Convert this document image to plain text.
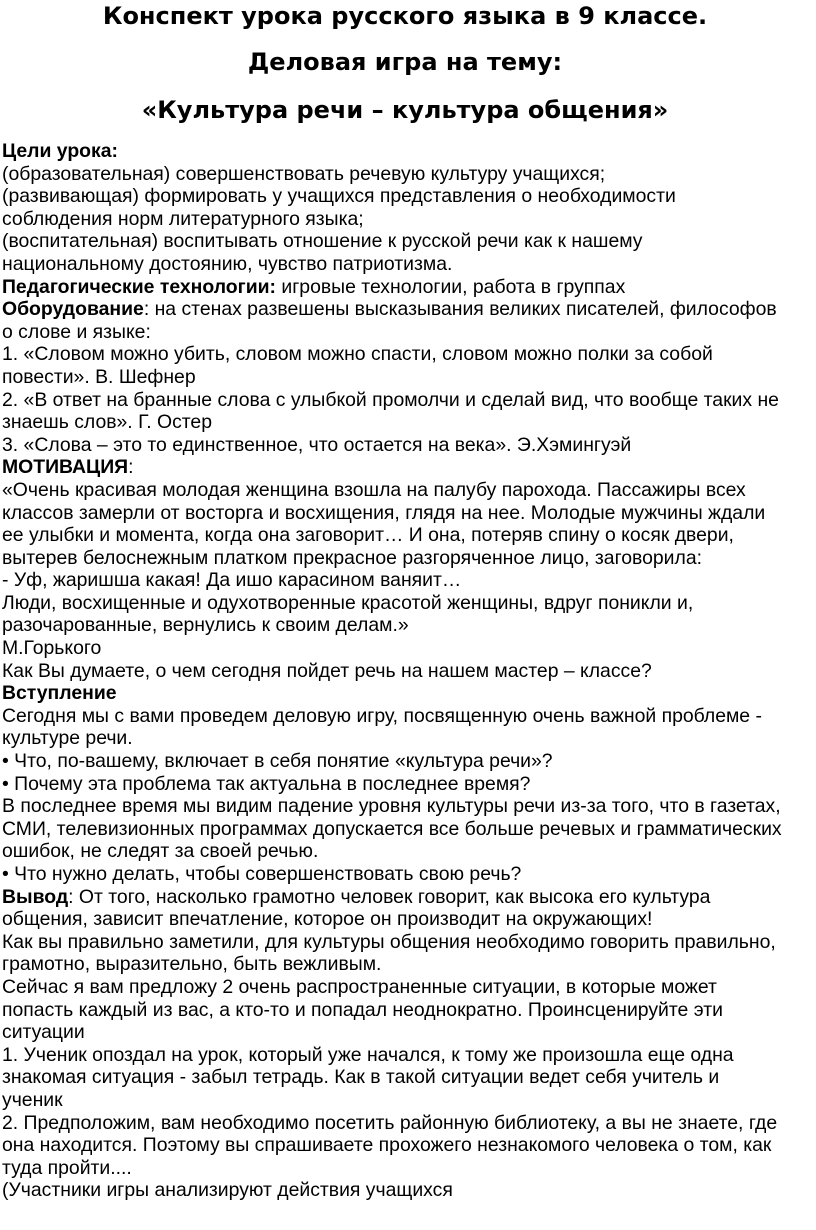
Конспект урока русского языка в 9 классе.
Деловая игра на тему:
«Культура речи – культура общения»
Цели урока:
(образовательная) совершенствовать речевую культуру учащихся;
(развивающая) формировать у учащихся представления о необходимости
соблюдения норм литературного языка;
(воспитательная) воспитывать отношение к русской речи как к нашему
национальному достоянию, чувство патриотизма.
Педагогические технологии: игровые технологии, работа в группах
Оборудование: на стенах развешены высказывания великих писателей, философов
о слове и языке:
1. «Словом можно убить, словом можно спасти, словом можно полки за собой
повести». В. Шефнер
2. «В ответ на бранные слова с улыбкой промолчи и сделай вид, что вообще таких не
знаешь слов». Г. Остер
3. «Слова – это то единственное, что остается на века». Э.Хэмингуэй
МОТИВАЦИЯ:
«Очень красивая молодая женщина взошла на палубу парохода. Пассажиры всех
классов замерли от восторга и восхищения, глядя на нее. Молодые мужчины ждали
ее улыбки и момента, когда она заговорит… И она, потеряв спину о косяк двери,
вытерев белоснежным платком прекрасное разгоряченное лицо, заговорила:
- Уф, жаришша какая! Да ишо карасином ваняит…
Люди, восхищенные и одухотворенные красотой женщины, вдруг поникли и,
разочарованные, вернулись к своим делам.»
М.Горького
Как Вы думаете, о чем сегодня пойдет речь на нашем мастер – классе?
Вступление
Сегодня мы с вами проведем деловую игру, посвященную очень важной проблеме -
культуре речи.
• Что, по-вашему, включает в себя понятие «культура речи»?
• Почему эта проблема так актуальна в последнее время?
В последнее время мы видим падение уровня культуры речи из-за того, что в газетах,
СМИ, телевизионных программах допускается все больше речевых и грамматических
ошибок, не следят за своей речью.
• Что нужно делать, чтобы совершенствовать свою речь?
Вывод: От того, насколько грамотно человек говорит, как высока его культура
общения, зависит впечатление, которое он производит на окружающих!
Как вы правильно заметили, для культуры общения необходимо говорить правильно,
грамотно, выразительно, быть вежливым.
Сейчас я вам предложу 2 очень распространенные ситуации, в которые может
попасть каждый из вас, а кто-то и попадал неоднократно. Проинсценируйте эти
ситуации
1. Ученик опоздал на урок, который уже начался, к тому же произошла еще одна
знакомая ситуация - забыл тетрадь. Как в такой ситуации ведет себя учитель и
ученик
2. Предположим, вам необходимо посетить районную библиотеку, а вы не знаете, где
она находится. Поэтому вы спрашиваете прохожего незнакомого человека о том, как
туда пройти....
(Участники игры анализируют действия учащихся
